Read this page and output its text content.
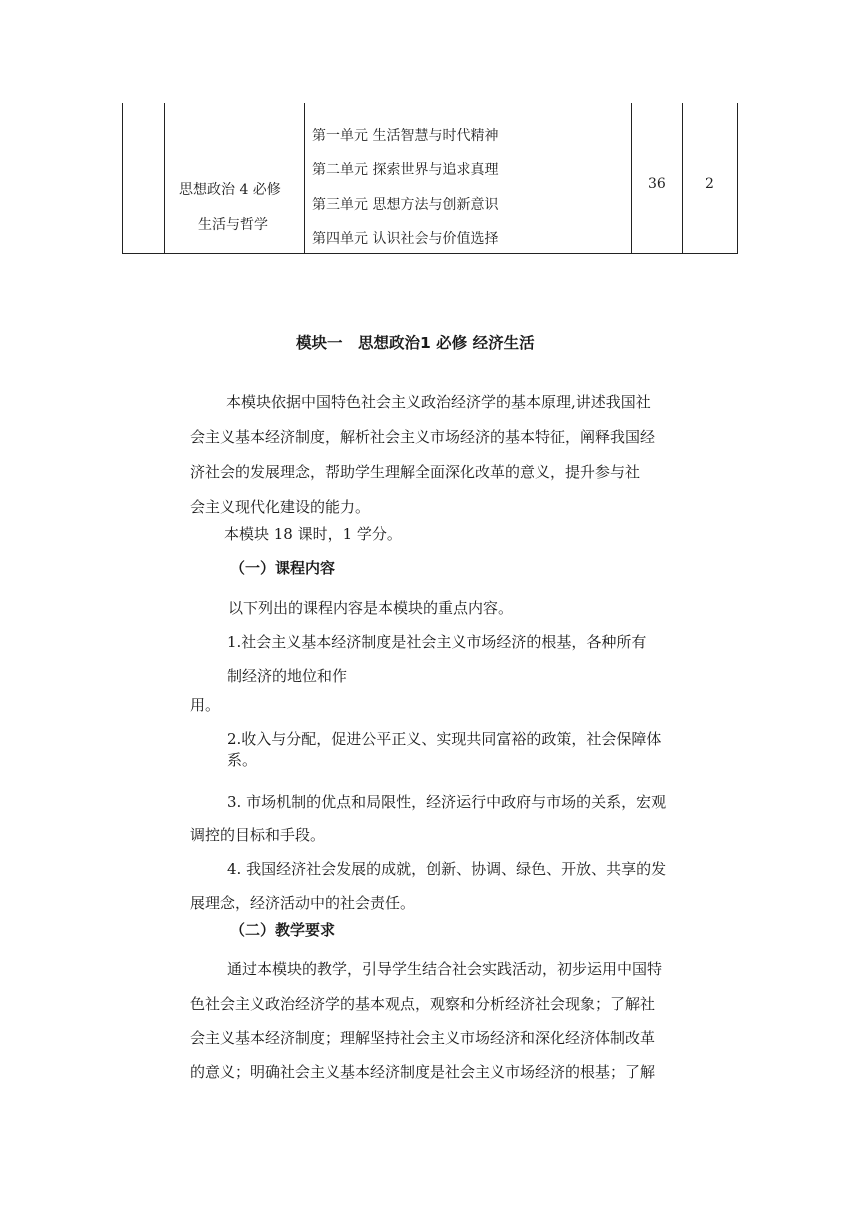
思想政治 4 必修
生活与哲学
第一单元 生活智慧与时代精神
第二单元 探索世界与追求真理
第三单元 思想方法与创新意识
第四单元 认识社会与价值选择
36	2
模块一　思想政治1 必修 经济生活
本模块依据中国特色社会主义政治经济学的基本原理,讲述我国社
会主义基本经济制度，解析社会主义市场经济的基本特征，阐释我国经
济社会的发展理念，帮助学生理解全面深化改革的意义，提升参与社
会主义现代化建设的能力。
本模块 18 课时，1 学分。
（一）课程内容
以下列出的课程内容是本模块的重点内容。
1.社会主义基本经济制度是社会主义市场经济的根基，各种所有
制经济的地位和作
用。
2.收入与分配，促进公平正义、实现共同富裕的政策，社会保障体
系。
3. 市场机制的优点和局限性，经济运行中政府与市场的关系，宏观
调控的目标和手段。
4. 我国经济社会发展的成就，创新、协调、绿色、开放、共享的发
展理念，经济活动中的社会责任。
（二）教学要求
通过本模块的教学，引导学生结合社会实践活动，初步运用中国特
色社会主义政治经济学的基本观点，观察和分析经济社会现象；了解社
会主义基本经济制度；理解坚持社会主义市场经济和深化经济体制改革
的意义；明确社会主义基本经济制度是社会主义市场经济的根基；了解
